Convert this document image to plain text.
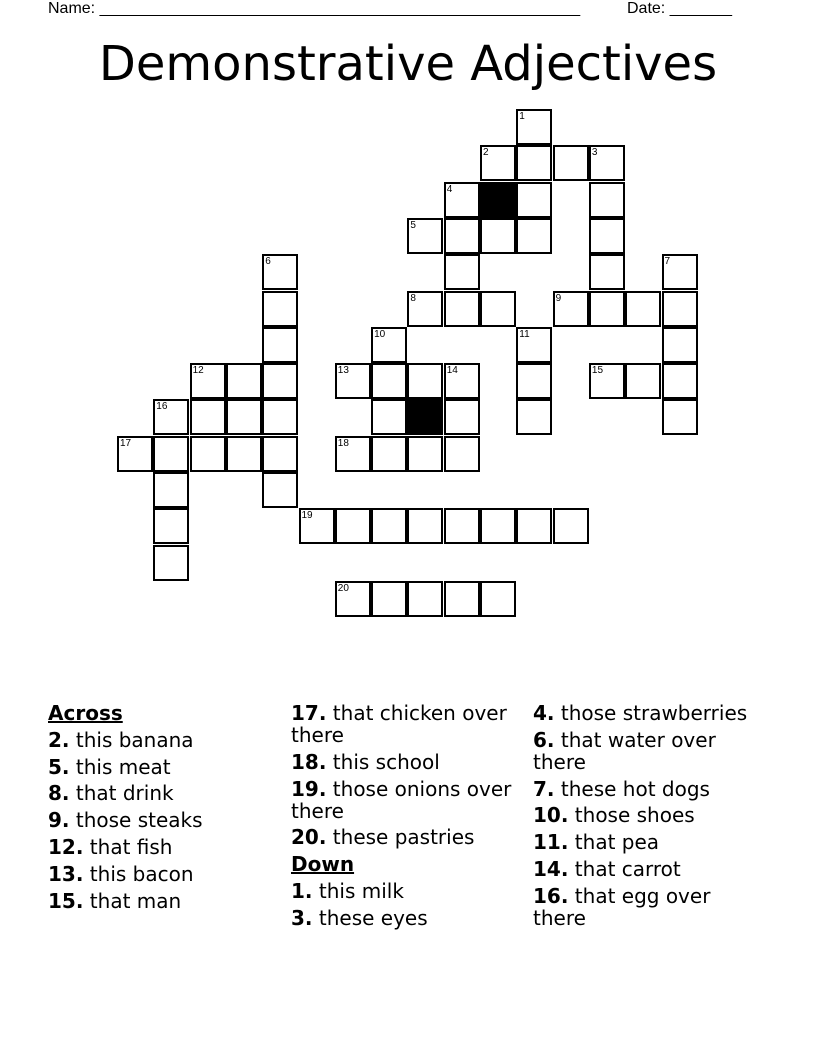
Name: ______________________________________________________	Date: _______
Demonstrative Adjectives
1
2	3
4
5
6	7
8	9
10	11
12	13	14	15
16
17	18
19
20
Across
2. this banana
5. this meat
8. that drink
9. those steaks
12. that fish
13. this bacon
15. that man
17. that chicken over there
18. this school
19. those onions over there
20. these pastries
Down
1. this milk
3. these eyes
4. those strawberries
6. that water over there
7. these hot dogs
10. those shoes
11. that pea
14. that carrot
16. that egg over there
